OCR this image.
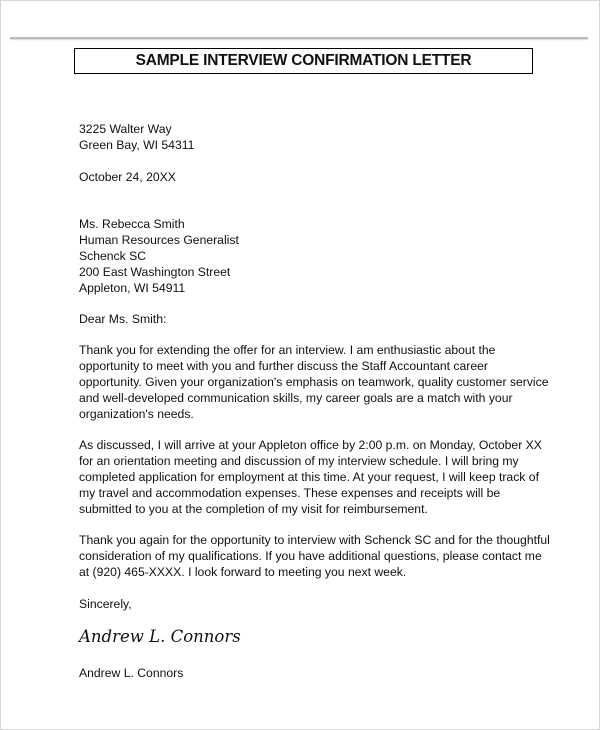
SAMPLE INTERVIEW CONFIRMATION LETTER
3225 Walter Way
Green Bay, WI 54311
October 24, 20XX
Ms. Rebecca Smith
Human Resources Generalist
Schenck SC
200 East Washington Street
Appleton, WI 54911
Dear Ms. Smith:
Thank you for extending the offer for an interview. I am enthusiastic about the
opportunity to meet with you and further discuss the Staff Accountant career
opportunity. Given your organization's emphasis on teamwork, quality customer service
and well-developed communication skills, my career goals are a match with your
organization's needs.
As discussed, I will arrive at your Appleton office by 2:00 p.m. on Monday, October XX
for an orientation meeting and discussion of my interview schedule. I will bring my
completed application for employment at this time. At your request, I will keep track of
my travel and accommodation expenses. These expenses and receipts will be
submitted to you at the completion of my visit for reimbursement.
Thank you again for the opportunity to interview with Schenck SC and for the thoughtful
consideration of my qualifications. If you have additional questions, please contact me
at (920) 465-XXXX. I look forward to meeting you next week.
Sincerely,
Andrew L. Connors
Andrew L. Connors
